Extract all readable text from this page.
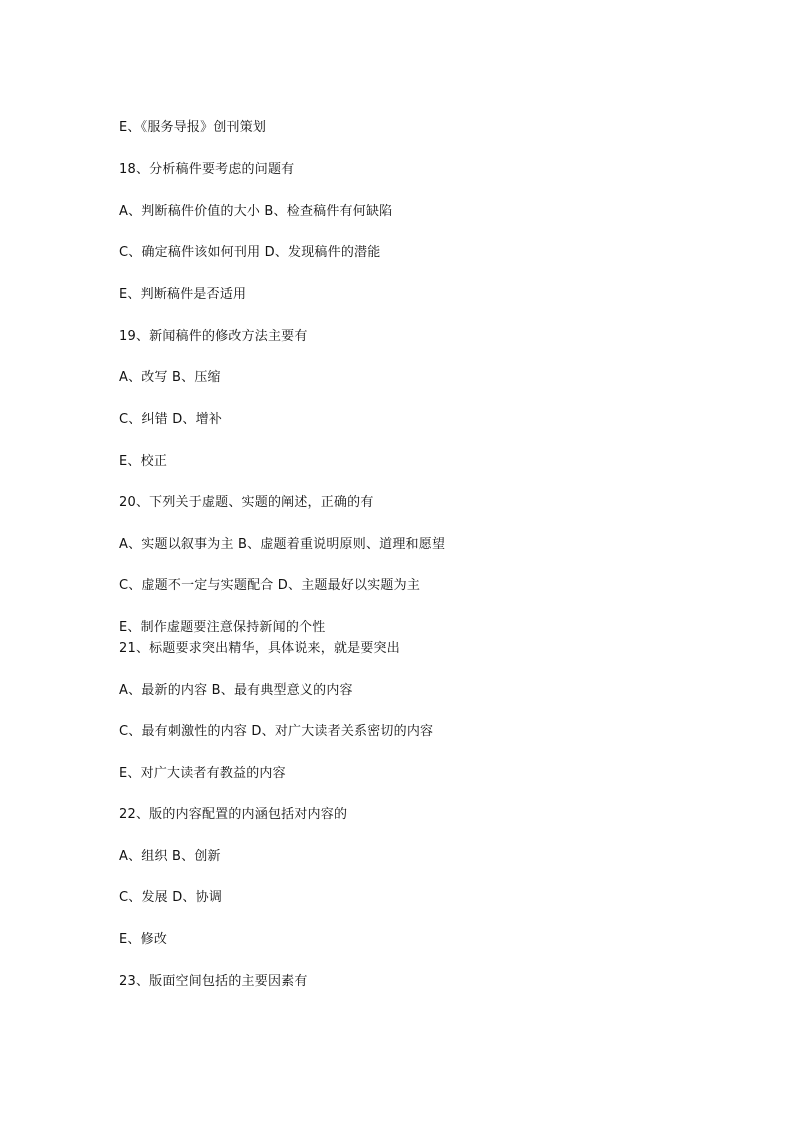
E、《服务导报》创刊策划
18、分析稿件要考虑的问题有
A、判断稿件价值的大小 B、检查稿件有何缺陷
C、确定稿件该如何刊用 D、发现稿件的潜能
E、判断稿件是否适用
19、新闻稿件的修改方法主要有
A、改写 B、压缩
C、纠错 D、增补
E、校正
20、下列关于虚题、实题的阐述，正确的有
A、实题以叙事为主 B、虚题着重说明原则、道理和愿望
C、虚题不一定与实题配合 D、主题最好以实题为主
E、制作虚题要注意保持新闻的个性
21、标题要求突出精华，具体说来，就是要突出
A、最新的内容 B、最有典型意义的内容
C、最有刺激性的内容 D、对广大读者关系密切的内容
E、对广大读者有教益的内容
22、版的内容配置的内涵包括对内容的
A、组织 B、创新
C、发展 D、协调
E、修改
23、版面空间包括的主要因素有
